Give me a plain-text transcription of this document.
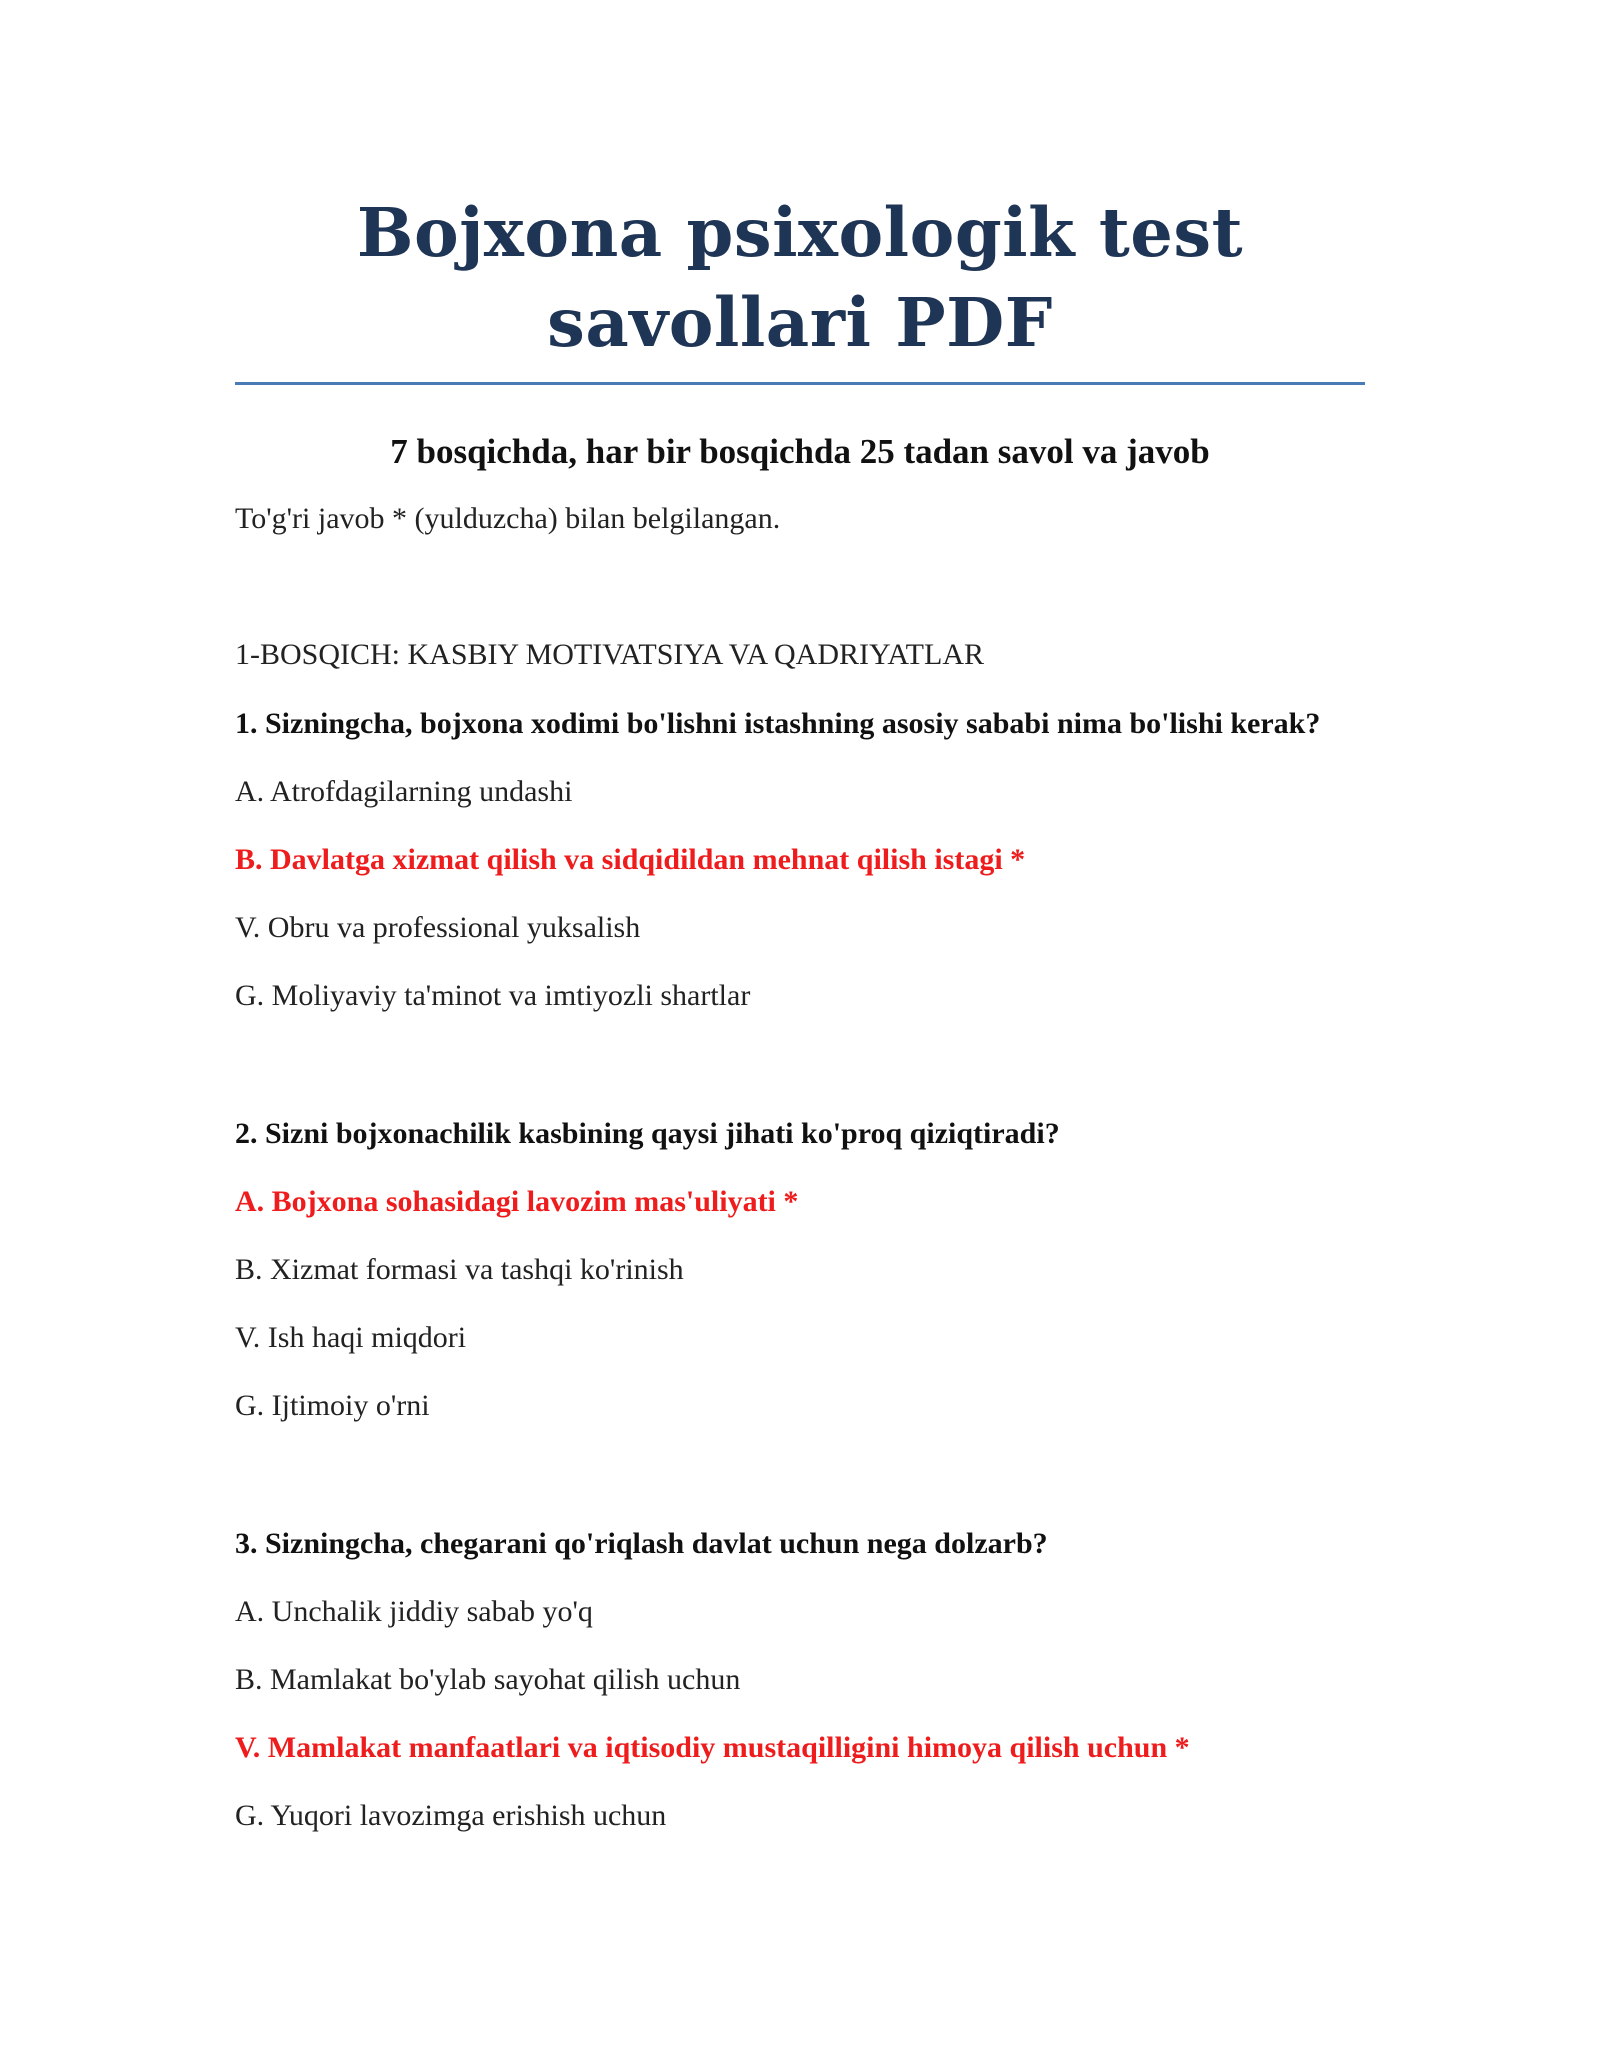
Bojxona psixologik test
savollari PDF
7 bosqichda, har bir bosqichda 25 tadan savol va javob

To'g'ri javob * (yulduzcha) bilan belgilangan.

1-BOSQICH: KASBIY MOTIVATSIYA VA QADRIYATLAR

1. Sizningcha, bojxona xodimi bo'lishni istashning asosiy sababi nima bo'lishi kerak?

A. Atrofdagilarning undashi
B. Davlatga xizmat qilish va sidqidildan mehnat qilish istagi *
V. Obru va professional yuksalish
G. Moliyaviy ta'minot va imtiyozli shartlar

2. Sizni bojxonachilik kasbining qaysi jihati ko'proq qiziqtiradi?

A. Bojxona sohasidagi lavozim mas'uliyati *
B. Xizmat formasi va tashqi ko'rinish
V. Ish haqi miqdori
G. Ijtimoiy o'rni

3. Sizningcha, chegarani qo'riqlash davlat uchun nega dolzarb?

A. Unchalik jiddiy sabab yo'q
B. Mamlakat bo'ylab sayohat qilish uchun
V. Mamlakat manfaatlari va iqtisodiy mustaqilligini himoya qilish uchun *
G. Yuqori lavozimga erishish uchun
